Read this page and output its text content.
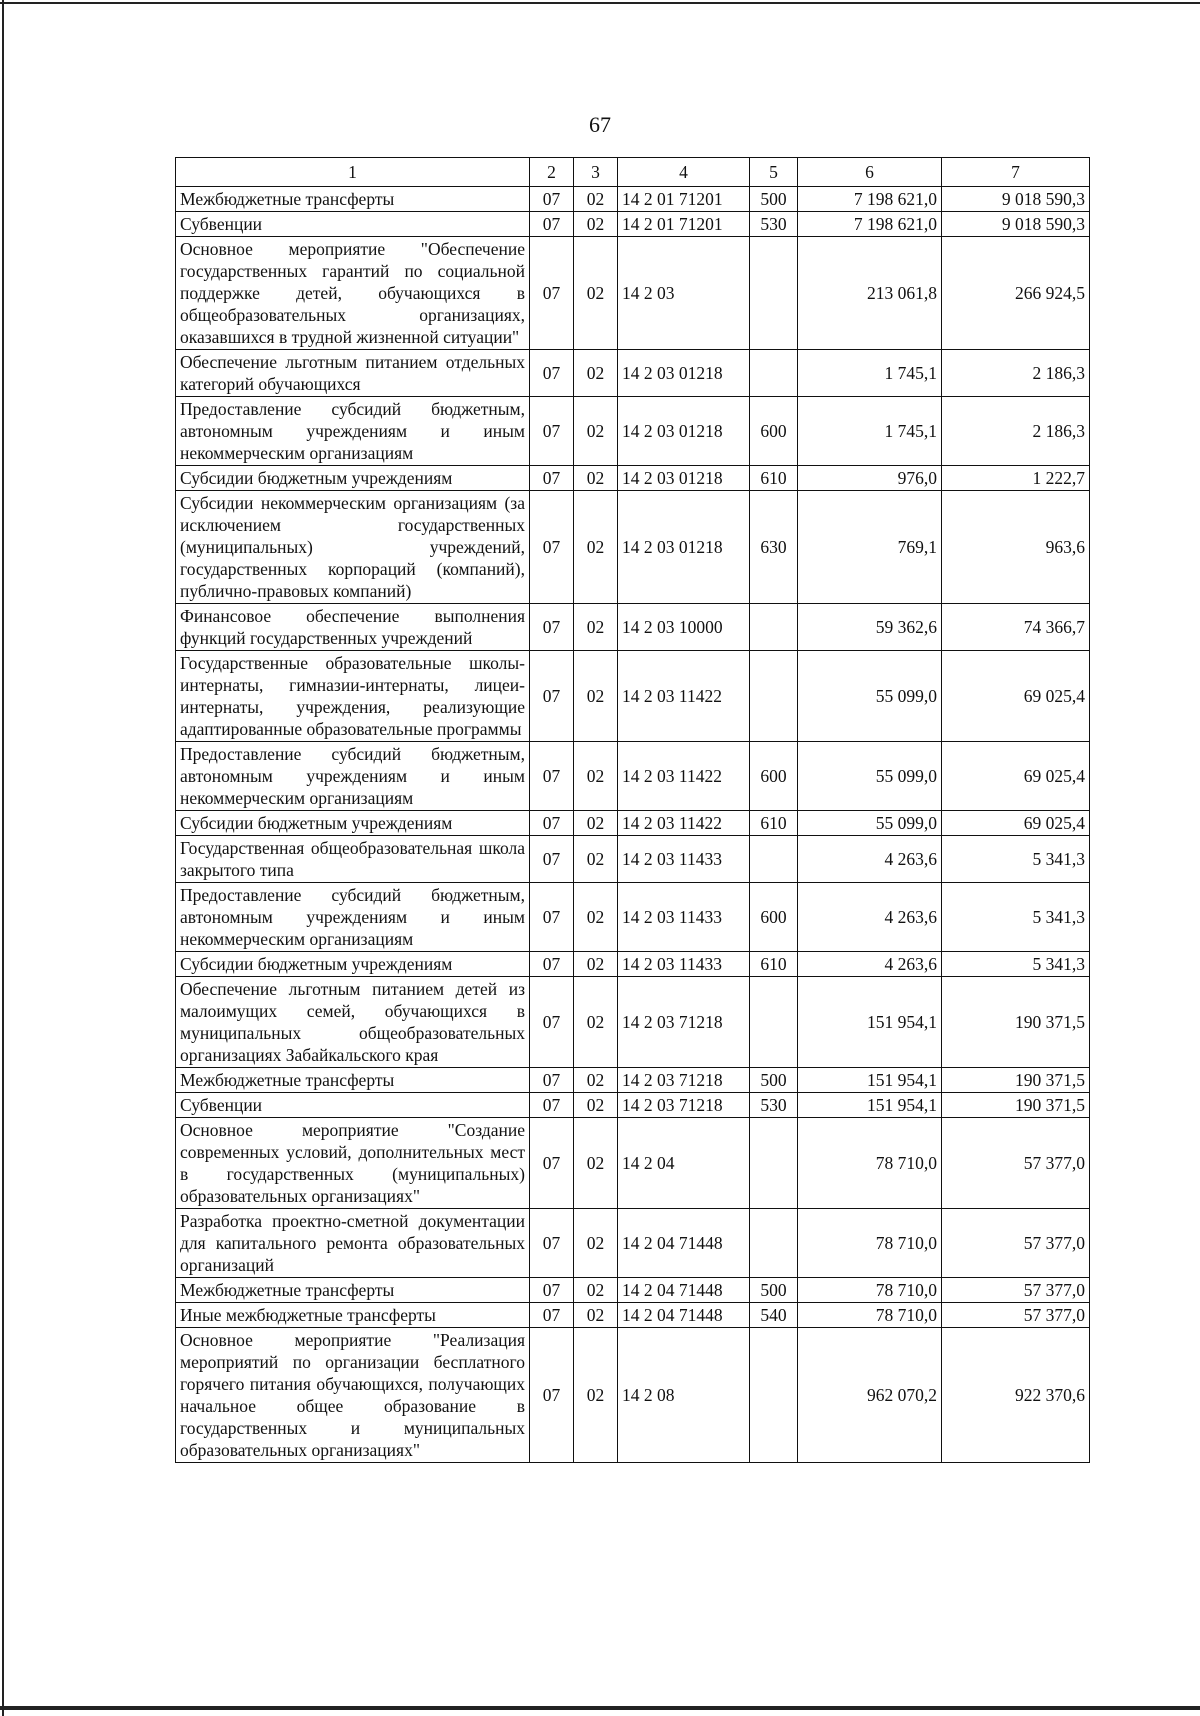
67
1	2	3	4	5	6	7
Межбюджетные трансферты	07	02	14 2 01 71201	500	7 198 621,0	9 018 590,3
Субвенции	07	02	14 2 01 71201	530	7 198 621,0	9 018 590,3
Основное мероприятие "Обеспечение государственных гарантий по социальной поддержке детей, обучающихся в общеобразовательных организациях, оказавшихся в трудной жизненной ситуации"	07	02	14 2 03		213 061,8	266 924,5
Обеспечение льготным питанием отдельных категорий обучающихся	07	02	14 2 03 01218		1 745,1	2 186,3
Предоставление субсидий бюджетным, автономным учреждениям и иным некоммерческим организациям	07	02	14 2 03 01218	600	1 745,1	2 186,3
Субсидии бюджетным учреждениям	07	02	14 2 03 01218	610	976,0	1 222,7
Субсидии некоммерческим организациям (за исключением государственных (муниципальных) учреждений, государственных корпораций (компаний), публично-правовых компаний)	07	02	14 2 03 01218	630	769,1	963,6
Финансовое обеспечение выполнения функций государственных учреждений	07	02	14 2 03 10000		59 362,6	74 366,7
Государственные образовательные школы-интернаты, гимназии-интернаты, лицеи-интернаты, учреждения, реализующие адаптированные образовательные программы	07	02	14 2 03 11422		55 099,0	69 025,4
Предоставление субсидий бюджетным, автономным учреждениям и иным некоммерческим организациям	07	02	14 2 03 11422	600	55 099,0	69 025,4
Субсидии бюджетным учреждениям	07	02	14 2 03 11422	610	55 099,0	69 025,4
Государственная общеобразовательная школа закрытого типа	07	02	14 2 03 11433		4 263,6	5 341,3
Предоставление субсидий бюджетным, автономным учреждениям и иным некоммерческим организациям	07	02	14 2 03 11433	600	4 263,6	5 341,3
Субсидии бюджетным учреждениям	07	02	14 2 03 11433	610	4 263,6	5 341,3
Обеспечение льготным питанием детей из малоимущих семей, обучающихся в муниципальных общеобразовательных организациях Забайкальского края	07	02	14 2 03 71218		151 954,1	190 371,5
Межбюджетные трансферты	07	02	14 2 03 71218	500	151 954,1	190 371,5
Субвенции	07	02	14 2 03 71218	530	151 954,1	190 371,5
Основное мероприятие "Создание современных условий, дополнительных мест в государственных (муниципальных) образовательных организациях"	07	02	14 2 04		78 710,0	57 377,0
Разработка проектно-сметной документации для капитального ремонта образовательных организаций	07	02	14 2 04 71448		78 710,0	57 377,0
Межбюджетные трансферты	07	02	14 2 04 71448	500	78 710,0	57 377,0
Иные межбюджетные трансферты	07	02	14 2 04 71448	540	78 710,0	57 377,0
Основное мероприятие "Реализация мероприятий по организации бесплатного горячего питания обучающихся, получающих начальное общее образование в государственных и муниципальных образовательных организациях"	07	02	14 2 08		962 070,2	922 370,6
